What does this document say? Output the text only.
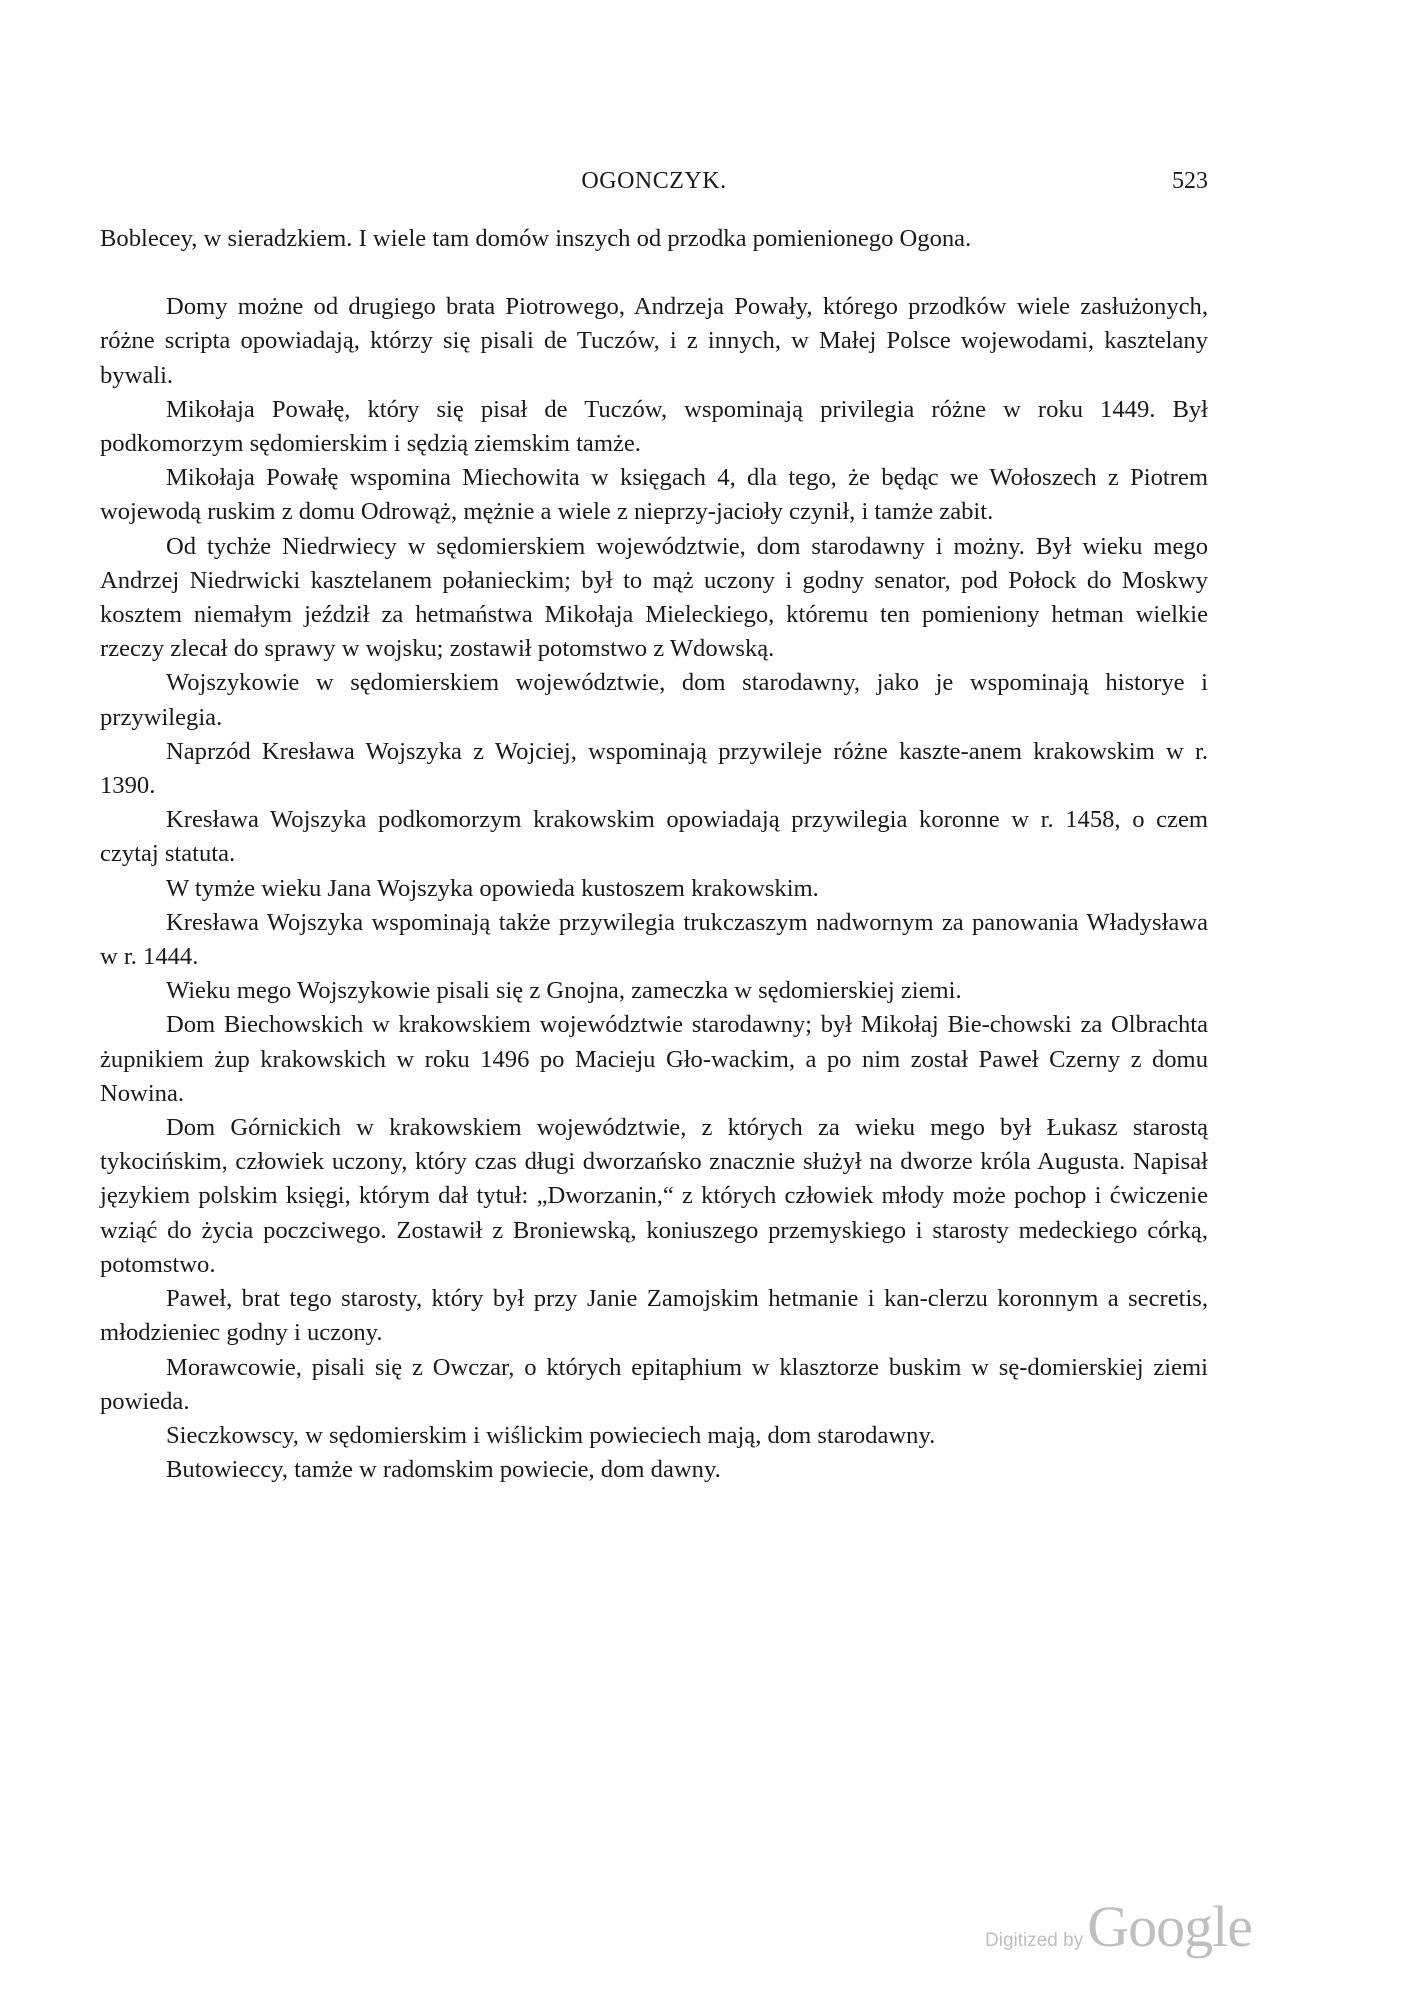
OGONCZYK.	523

Boblecey, w sieradzkiem. I wiele tam domów inszych od przodka pomienionego Ogona.

Domy możne od drugiego brata Piotrowego, Andrzeja Powały, którego przodków wiele zasłużonych, różne scripta opowiadają, którzy się pisali de Tuczów, i z innych, w Małej Polsce wojewodami, kasztelany bywali.

Mikołaja Powałę, który się pisał de Tuczów, wspominają privilegia różne w roku 1449. Był podkomorzym sędomierskim i sędzią ziemskim tamże.

Mikołaja Powałę wspomina Miechowita w księgach 4, dla tego, że będąc we Wołoszech z Piotrem wojewodą ruskim z domu Odrowąż, mężnie a wiele z nieprzy-jacioły czynił, i tamże zabit.

Od tychże Niedrwiecy w sędomierskiem województwie, dom starodawny i możny. Był wieku mego Andrzej Niedrwicki kasztelanem połanieckim; był to mąż uczony i godny senator, pod Połock do Moskwy kosztem niemałym jeździł za hetmaństwa Mikołaja Mieleckiego, któremu ten pomieniony hetman wielkie rzeczy zlecał do sprawy w wojsku; zostawił potomstwo z Wdowską.

Wojszykowie w sędomierskiem województwie, dom starodawny, jako je wspominają historye i przywilegia.

Naprzód Kresława Wojszyka z Wojciej, wspominają przywileje różne kaszte-anem krakowskim w r. 1390.

Kresława Wojszyka podkomorzym krakowskim opowiadają przywilegia koronne w r. 1458, o czem czytaj statuta.

W tymże wieku Jana Wojszyka opowieda kustoszem krakowskim.

Kresława Wojszyka wspominają także przywilegia trukczaszym nadwornym za panowania Władysława w r. 1444.

Wieku mego Wojszykowie pisali się z Gnojna, zameczka w sędomierskiej ziemi.

Dom Biechowskich w krakowskiem województwie starodawny; był Mikołaj Bie-chowski za Olbrachta żupnikiem żup krakowskich w roku 1496 po Macieju Gło-wackim, a po nim został Paweł Czerny z domu Nowina.

Dom Górnickich w krakowskiem województwie, z których za wieku mego był Łukasz starostą tykocińskim, człowiek uczony, który czas długi dworzańsko znacznie służył na dworze króla Augusta. Napisał językiem polskim księgi, którym dał tytuł: „Dworzanin,“ z których człowiek młody może pochop i ćwiczenie wziąć do życia poczciwego. Zostawił z Broniewską, koniuszego przemyskiego i starosty medeckiego córką, potomstwo.

Paweł, brat tego starosty, który był przy Janie Zamojskim hetmanie i kan-clerzu koronnym a secretis, młodzieniec godny i uczony.

Morawcowie, pisali się z Owczar, o których epitaphium w klasztorze buskim w sę-domierskiej ziemi powieda.

Sieczkowscy, w sędomierskim i wiślickim powieciech mają, dom starodawny.

Butowieccy, tamże w radomskim powiecie, dom dawny.

Digitized byGoogle
